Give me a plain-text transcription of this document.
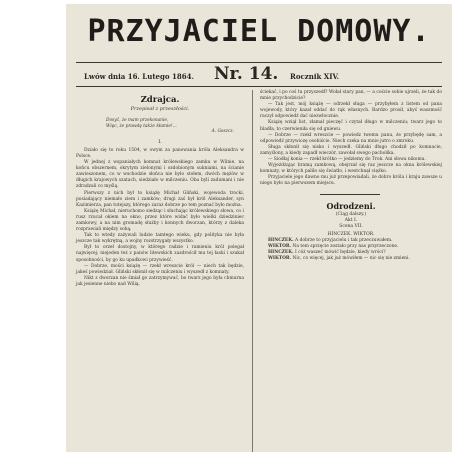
PRZYJACIEL DOMOWY.
Lwów dnia 16. Lutego 1864. Nr. 14. Rocznik XIV.
Zdrajca.
Przepisał z przeszłości.
Dosyć, że mam przekonanie,
Więc, że prawdę także kłamie!...
A. Goszcz.
I.

Działo się to roku 1504, w owym za panowania króla Aleksandra w Polsce.

W jednej z wspaniałych komnat królewskiego zamku w Wilnie, na końcu obszernem, okrytym zielonymi i ozdobionym sukniami, na ścianie zawieszonem, co w wschodzie słońca nie było stołem, dwóch mężów w długich krajowych szatach, siedziało w milczeniu. Oba byli zadumani i nie zdradzali co myślą.

Pierwszy z nich był to książę Michał Gliński, wojewoda trocki, posiadający niemało ziem i zamków; drugi zaś był król Aleksander, syn Kazimierza, pan tutejszy, którego zaraz dobrze po tem poznać było można.

Książę Michał, nieruchomo siedząc i słuchając królewskiego słowa, co i rusz rzucał okiem na okno, przez które widać było wielki dziedziniec zamkowy, a na nim gromadę służby i konnych dworzan, którzy z daleka rozprawiali między sobą.

Tak to wtedy zażywali ludzie tamtego wieku, gdy polityka nie była jeszcze tak wykrętną, a wojny rozstrzygały wszystko.

Był to orzeł dostojny, w którego radzie i ramieniu król polegał najwięcej; niejeden też z panów litewskich zazdrościł mu tej łaski i szukał sposobności, by go ku upadkowi przywieść.

— Dobrze, mości książę — rzekł wreszcie król — niech tak będzie, jakeś powiedział. Gliński skłonił się w milczeniu i wyszedł z komnaty.

Nikt z dworzan nie śmiał go zatrzymywać, bo twarz jego była chmurna jak jesienne niebo nad Wilią.

ściekać, i po coś tu przyszedł? Wołał stary pan, — a coście sobie ujrzeli, że tak do mnie przychodzicie?

— Tak jest, mój książę — odrzekł sługa — przybyłem z listem od pana wojewody, który kazał oddać do rąk własnych. Bardzo prosił, abyś waszmość raczył odpowiedź dać niezwłocznie.

Książę wziął list, złamał pieczęć i czytał długo w milczeniu; twarz jego to bladła, to czerwieniła się od gniewu.

— Dobrze — rzekł wreszcie — powiedz twemu panu, że przybędę sam, a odpowiedź przywiozę osobiście. Niech czeka na mnie jutro o zmroku.

Sługa skłonił się nisko i wyszedł. Gliński długo chodził po komnacie, zamyślony, a kiedy zapadł wieczór, zawołał swego pacholika.

— Siodłaj konia — rzekł krótko — jedziemy do Trok. Ani słowa nikomu.

Wyjeżdżając bramą zamkową, obejrzał się raz jeszcze na okna królewskiej komnaty, w których paliło się światło, i westchnął ciężko.

Przyjaciele jego dawno mu już przepowiadali, że dobro króla i kraju zawsze u niego było na pierwszem miejscu.

Odrodzeni.
(Ciąg dalszy.)
Akt I.
Scena VII.
HINCZEK. WIKTOR.

HINCZEK. A dobrze to przyjacielu i tak przeczuwałem.

WIKTOR. Na tem sprzęcie zostało przy nas przyrzeczone.

HINCZEK. I cóż waszeć mówić będzie, kiedy wróci?

WIKTOR. Nic, co więcej, jak już mówiłem — nic się nie zmieni.
